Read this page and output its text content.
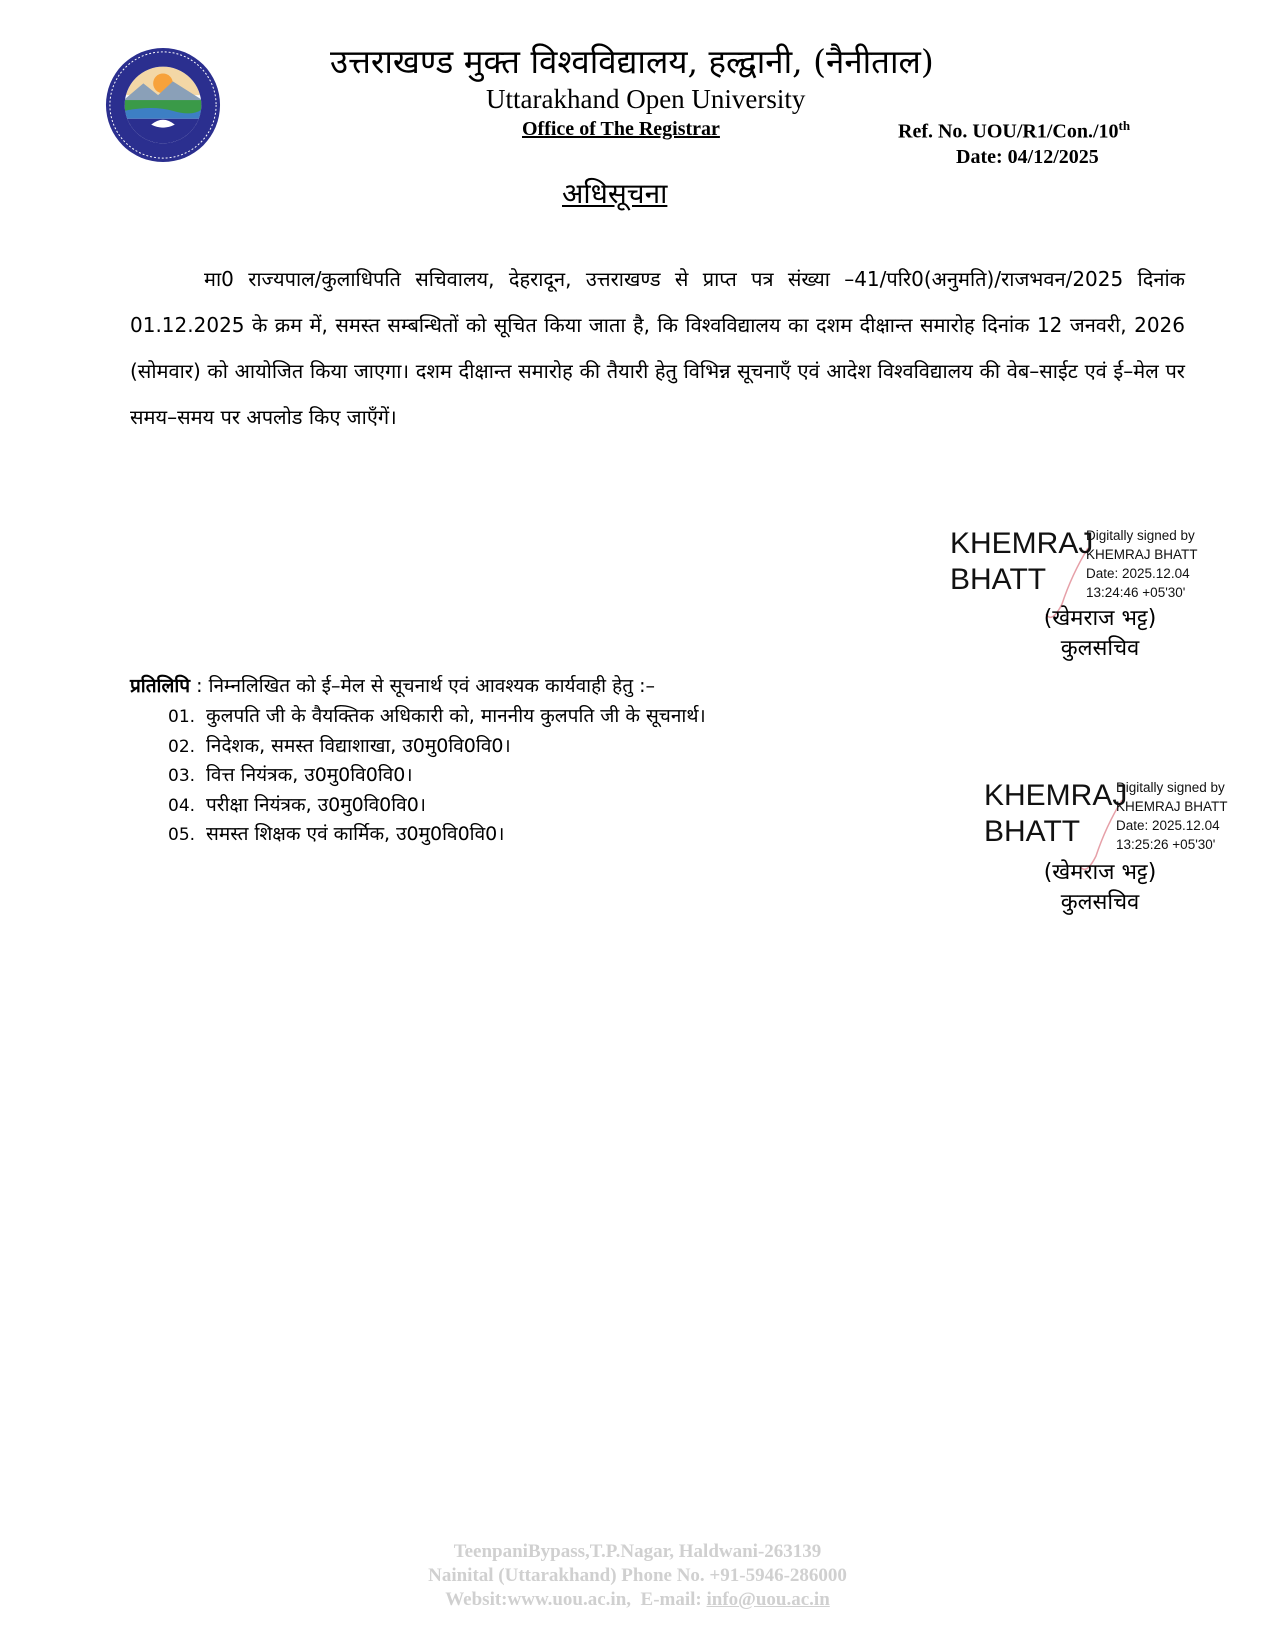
उत्तराखण्ड मुक्त विश्वविद्यालय, हल्द्वानी, (नैनीताल)
Uttarakhand Open University
Office of The Registrar	Ref. No. UOU/R1/Con./10th
Date: 04/12/2025
अधिसूचना
मा0 राज्यपाल/कुलाधिपति सचिवालय, देहरादून, उत्तराखण्ड से प्राप्त पत्र संख्या –41/परि0(अनुमति)/राजभवन/2025 दिनांक 01.12.2025 के क्रम में, समस्त सम्बन्धितों को सूचित किया जाता है, कि विश्वविद्यालय का दशम दीक्षान्त समारोह दिनांक 12 जनवरी, 2026 (सोमवार) को आयोजित किया जाएगा। दशम दीक्षान्त समारोह की तैयारी हेतु विभिन्न सूचनाएँ एवं आदेश विश्वविद्यालय की वेब–साईट एवं ई–मेल पर समय–समय पर अपलोड किए जाएँगें।
KHEMRAJ
BHATT
Digitally signed by
KHEMRAJ BHATT
Date: 2025.12.04
13:24:46 +05'30'
(खेमराज भट्ट)
कुलसचिव
प्रतिलिपि : निम्नलिखित को ई–मेल से सूचनार्थ एवं आवश्यक कार्यवाही हेतु :–
01. कुलपति जी के वैयक्तिक अधिकारी को, माननीय कुलपति जी के सूचनार्थ।
02. निदेशक, समस्त विद्याशाखा, उ0मु0वि0वि0।
03. वित्त नियंत्रक, उ0मु0वि0वि0।
04. परीक्षा नियंत्रक, उ0मु0वि0वि0।
05. समस्त शिक्षक एवं कार्मिक, उ0मु0वि0वि0।
KHEMRAJ
BHATT
Digitally signed by
KHEMRAJ BHATT
Date: 2025.12.04
13:25:26 +05'30'
(खेमराज भट्ट)
कुलसचिव
TeenpaniBypass,T.P.Nagar, Haldwani-263139
Nainital (Uttarakhand) Phone No. +91-5946-286000
Websit:www.uou.ac.in,  E-mail: info@uou.ac.in
